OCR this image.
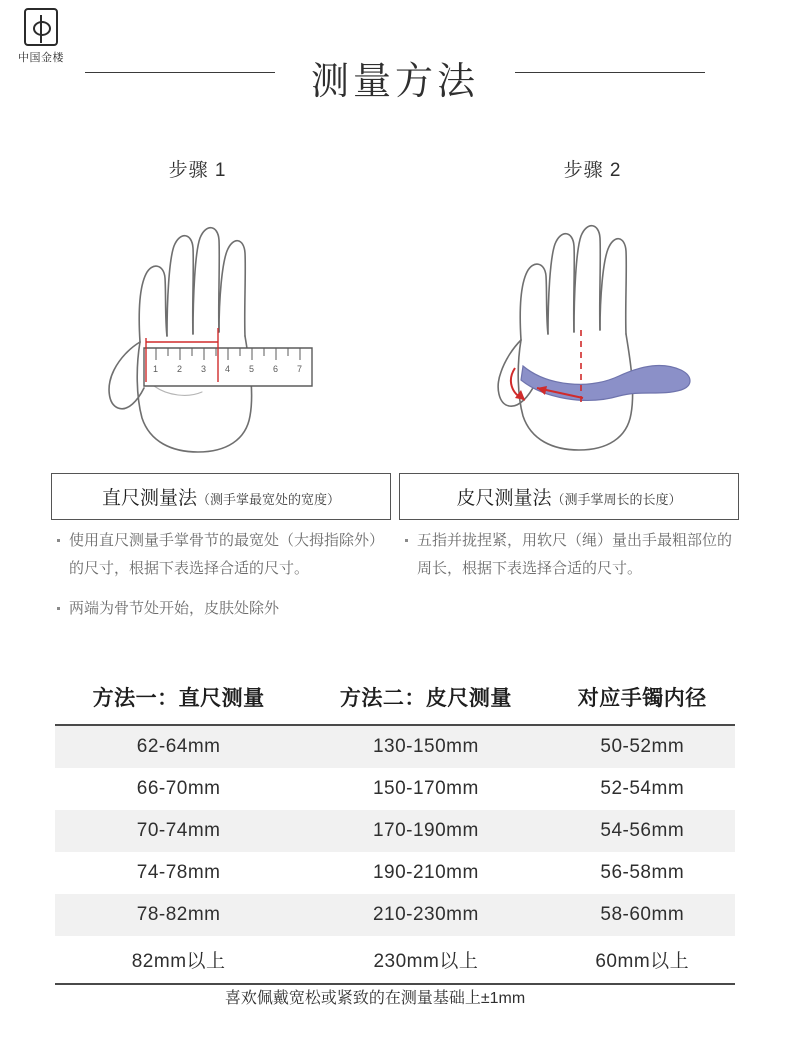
中国金楼
测量方法
步骤 1
1 2 3 4 5 6 7
步骤 2
直尺测量法（测手掌最宽处的宽度）	皮尺测量法（测手掌周长的长度）
使用直尺测量手掌骨节的最宽处（大拇指除外）的尺寸，根据下表选择合适的尺寸。
两端为骨节处开始，皮肤处除外
五指并拢捏紧，用软尺（绳）量出手最粗部位的周长，根据下表选择合适的尺寸。
方法一：直尺测量	方法二：皮尺测量	对应手镯内径
62-64mm	130-150mm	50-52mm
66-70mm	150-170mm	52-54mm
70-74mm	170-190mm	54-56mm
74-78mm	190-210mm	56-58mm
78-82mm	210-230mm	58-60mm
82mm以上	230mm以上	60mm以上
喜欢佩戴宽松或紧致的在测量基础上±1mm
